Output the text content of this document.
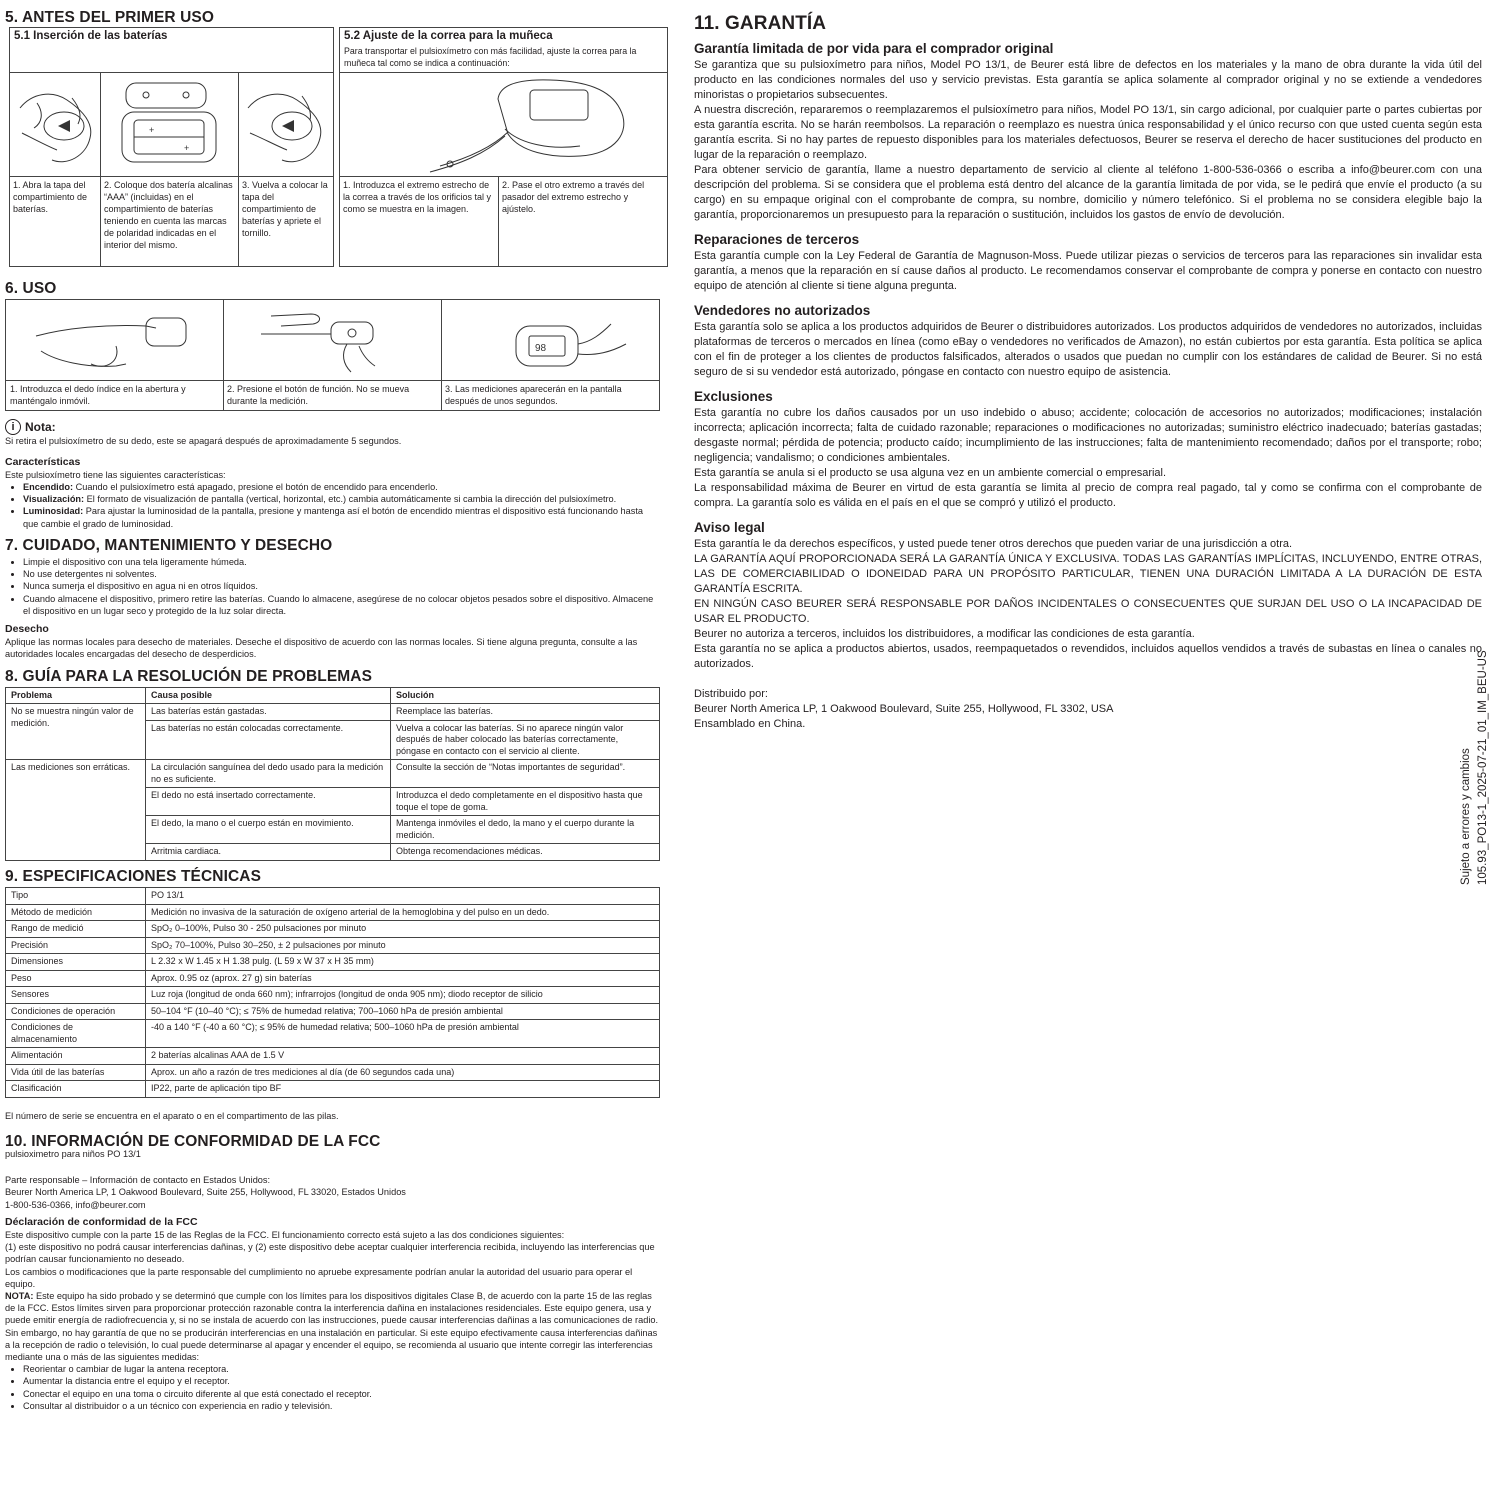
5. ANTES DEL PRIMER USO
5.1 Inserción de las baterías
+
+
1. Abra la tapa del compartimiento de baterías.
2. Coloque dos batería alcalinas “AAA” (incluidas) en el compartimiento de baterías teniendo en cuenta las marcas de polaridad indicadas en el interior del mismo.
3. Vuelva a colocar la tapa del compartimiento de baterías y apriete el tornillo.
5.2 Ajuste de la correa para la muñeca
Para transportar el pulsioxímetro con más facilidad, ajuste la correa para la muñeca tal como se indica a continuación:
1. Introduzca el extremo estrecho de la correa a través de los orificios tal y como se muestra en la imagen.
2. Pase el otro extremo a través del pasador del extremo estrecho y ajústelo.
6. USO
98
1. Introduzca el dedo índice en la abertura y manténgalo inmóvil.
2. Presione el botón de función. No se mueva durante la medición.
3. Las mediciones aparecerán en la pantalla después de unos segundos.
i Nota:

Si retira el pulsioxímetro de su dedo, este se apagará después de aproximadamente 5 segundos.

Características

Este pulsioxímetro tiene las siguientes características:

• Encendido: Cuando el pulsioxímetro está apagado, presione el botón de encendido para encenderlo.
• Visualización: El formato de visualización de pantalla (vertical, horizontal, etc.) cambia automáticamente si cambia la dirección del pulsioxímetro.
• Luminosidad: Para ajustar la luminosidad de la pantalla, presione y mantenga así el botón de encendido mientras el dispositivo está funcionando hasta que cambie el grado de luminosidad.
7. CUIDADO, MANTENIMIENTO Y DESECHO
• Limpie el dispositivo con una tela ligeramente húmeda.
• No use detergentes ni solventes.
• Nunca sumerja el dispositivo en agua ni en otros líquidos.
• Cuando almacene el dispositivo, primero retire las baterías. Cuando lo almacene, asegúrese de no colocar objetos pesados sobre el dispositivo. Almacene el dispositivo en un lugar seco y protegido de la luz solar directa.
Desecho

Aplique las normas locales para desecho de materiales. Deseche el dispositivo de acuerdo con las normas locales. Si tiene alguna pregunta, consulte a las autoridades locales encargadas del desecho de desperdicios.

8. GUÍA PARA LA RESOLUCIÓN DE PROBLEMAS
Problema	Causa posible	Solución
No se muestra ningún valor de medición.	Las baterías están gastadas.	Reemplace las baterías.
	Las baterías no están colocadas correctamente.	Vuelva a colocar las baterías. Si no aparece ningún valor después de haber colocado las baterías correctamente, póngase en contacto con el servicio al cliente.
Las mediciones son erráticas.	La circulación sanguínea del dedo usado para la medición no es suficiente.	Consulte la sección de “Notas importantes de seguridad”.
	El dedo no está insertado correctamente.	Introduzca el dedo completamente en el dispositivo hasta que toque el tope de goma.
	El dedo, la mano o el cuerpo están en movimiento.	Mantenga inmóviles el dedo, la mano y el cuerpo durante la medición.
	Arritmia cardiaca.	Obtenga recomendaciones médicas.
9. ESPECIFICACIONES TÉCNICAS
Tipo	PO 13/1
Método de medición	Medición no invasiva de la saturación de oxígeno arterial de la hemoglobina y del pulso en un dedo.
Rango de medició	SpO₂ 0–100%, Pulso 30 - 250 pulsaciones por minuto
Precisión	SpO₂ 70–100%, Pulso 30–250, ± 2 pulsaciones por minuto
Dimensiones	L 2.32 x W 1.45 x H 1.38 pulg. (L 59 x W 37 x H 35 mm)
Peso	Aprox. 0.95 oz (aprox. 27 g) sin baterías
Sensores	Luz roja (longitud de onda 660 nm); infrarrojos (longitud de onda 905 nm); diodo receptor de silicio
Condiciones de operación	50–104 °F (10–40 °C); ≤ 75% de humedad relativa; 700–1060 hPa de presión ambiental
Condiciones de almacenamiento	-40 a 140 °F (-40 a 60 °C); ≤ 95% de humedad relativa; 500–1060 hPa de presión ambiental
Alimentación	2 baterías alcalinas AAA de 1.5 V
Vida útil de las baterías	Aprox. un año a razón de tres mediciones al día (de 60 segundos cada una)
Clasificación	IP22, parte de aplicación tipo BF

El número de serie se encuentra en el aparato o en el compartimento de las pilas.

10. INFORMACIÓN DE CONFORMIDAD DE LA FCC

pulsioximetro para niños PO 13/1

Parte responsable – Información de contacto en Estados Unidos:

Beurer North America LP, 1 Oakwood Boulevard, Suite 255, Hollywood, FL 33020, Estados Unidos

1-800-536-0366, info@beurer.com

Déclaración de conformidad de la FCC

Este dispositivo cumple con la parte 15 de las Reglas de la FCC. El funcionamiento correcto está sujeto a las dos condiciones siguientes:

(1) este dispositivo no podrá causar interferencias dañinas, y (2) este dispositivo debe aceptar cualquier interferencia recibida, incluyendo las interferencias que podrían causar funcionamiento no deseado.

Los cambios o modificaciones que la parte responsable del cumplimiento no apruebe expresamente podrían anular la autoridad del usuario para operar el equipo.

NOTA: Este equipo ha sido probado y se determinó que cumple con los límites para los dispositivos digitales Clase B, de acuerdo con la parte 15 de las reglas de la FCC. Estos límites sirven para proporcionar protección razonable contra la interferencia dañina en instalaciones residenciales. Este equipo genera, usa y puede emitir energía de radiofrecuencia y, si no se instala de acuerdo con las instrucciones, puede causar interferencias dañinas a las comunicaciones de radio. Sin embargo, no hay garantía de que no se producirán interferencias en una instalación en particular. Si este equipo efectivamente causa interferencias dañinas a la recepción de radio o televisión, lo cual puede determinarse al apagar y encender el equipo, se recomienda al usuario que intente corregir las interferencias mediante una o más de las siguientes medidas:

• Reorientar o cambiar de lugar la antena receptora.
• Aumentar la distancia entre el equipo y el receptor.
• Conectar el equipo en una toma o circuito diferente al que está conectado el receptor.
• Consultar al distribuidor o a un técnico con experiencia en radio y televisión.
11. GARANTÍA
Garantía limitada de por vida para el comprador original

Se garantiza que su pulsioxímetro para niños, Model PO 13/1, de Beurer está libre de defectos en los materiales y la mano de obra durante la vida útil del producto en las condiciones normales del uso y servicio previstas. Esta garantía se aplica solamente al comprador original y no se extiende a vendedores minoristas o propietarios subsecuentes.

A nuestra discreción, repararemos o reemplazaremos el pulsioxímetro para niños, Model PO 13/1, sin cargo adicional, por cualquier parte o partes cubiertas por esta garantía escrita. No se harán reembolsos. La reparación o reemplazo es nuestra única responsabilidad y el único recurso con que usted cuenta según esta garantía escrita. Si no hay partes de repuesto disponibles para los materiales defectuosos, Beurer se reserva el derecho de hacer sustituciones del producto en lugar de la reparación o reemplazo.

Para obtener servicio de garantía, llame a nuestro departamento de servicio al cliente al teléfono 1-800-536-0366 o escriba a info@beurer.com con una descripción del problema. Si se considera que el problema está dentro del alcance de la garantía limitada de por vida, se le pedirá que envíe el producto (a su cargo) en su empaque original con el comprobante de compra, su nombre, domicilio y número telefónico. Si el problema no se considera elegible bajo la garantía, proporcionaremos un presupuesto para la reparación o sustitución, incluidos los gastos de envío de devolución.

Reparaciones de terceros

Esta garantía cumple con la Ley Federal de Garantía de Magnuson-Moss. Puede utilizar piezas o servicios de terceros para las reparaciones sin invalidar esta garantía, a menos que la reparación en sí cause daños al producto. Le recomendamos conservar el comprobante de compra y ponerse en contacto con nuestro equipo de atención al cliente si tiene alguna pregunta.

Vendedores no autorizados

Esta garantía solo se aplica a los productos adquiridos de Beurer o distribuidores autorizados. Los productos adquiridos de vendedores no autorizados, incluidas plataformas de terceros o mercados en línea (como eBay o vendedores no verificados de Amazon), no están cubiertos por esta garantía. Esta política se aplica con el fin de proteger a los clientes de productos falsificados, alterados o usados que puedan no cumplir con los estándares de calidad de Beurer. Si no está seguro de si su vendedor está autorizado, póngase en contacto con nuestro equipo de asistencia.

Exclusiones

Esta garantía no cubre los daños causados por un uso indebido o abuso; accidente; colocación de accesorios no autorizados; modificaciones; instalación incorrecta; aplicación incorrecta; falta de cuidado razonable; reparaciones o modificaciones no autorizadas; suministro eléctrico inadecuado; baterías gastadas; desgaste normal; pérdida de potencia; producto caído; incumplimiento de las instrucciones; falta de mantenimiento recomendado; daños por el transporte; robo; negligencia; vandalismo; o condiciones ambientales.

Esta garantía se anula si el producto se usa alguna vez en un ambiente comercial o empresarial.

La responsabilidad máxima de Beurer en virtud de esta garantía se limita al precio de compra real pagado, tal y como se confirma con el comprobante de compra. La garantía solo es válida en el país en el que se compró y utilizó el producto.

Aviso legal

Esta garantía le da derechos específicos, y usted puede tener otros derechos que pueden variar de una jurisdicción a otra.

LA GARANTÍA AQUÍ PROPORCIONADA SERÁ LA GARANTÍA ÚNICA Y EXCLUSIVA. TODAS LAS GARANTÍAS IMPLÍCITAS, INCLUYENDO, ENTRE OTRAS, LAS DE COMERCIABILIDAD O IDONEIDAD PARA UN PROPÓSITO PARTICULAR, TIENEN UNA DURACIÓN LIMITADA A LA DURACIÓN DE ESTA GARANTÍA ESCRITA.

EN NINGÚN CASO BEURER SERÁ RESPONSABLE POR DAÑOS INCIDENTALES O CONSECUENTES QUE SURJAN DEL USO O LA INCAPACIDAD DE USAR EL PRODUCTO.

Beurer no autoriza a terceros, incluidos los distribuidores, a modificar las condiciones de esta garantía.

Esta garantía no se aplica a productos abiertos, usados, reempaquetados o revendidos, incluidos aquellos vendidos a través de subastas en línea o canales no autorizados.

Distribuido por:

Beurer North America LP, 1 Oakwood Boulevard, Suite 255, Hollywood, FL 3302, USA

Ensamblado en China.

Sujeto a errores y cambios 105.93_PO13-1_2025-07-21_01_IM_BEU-US
